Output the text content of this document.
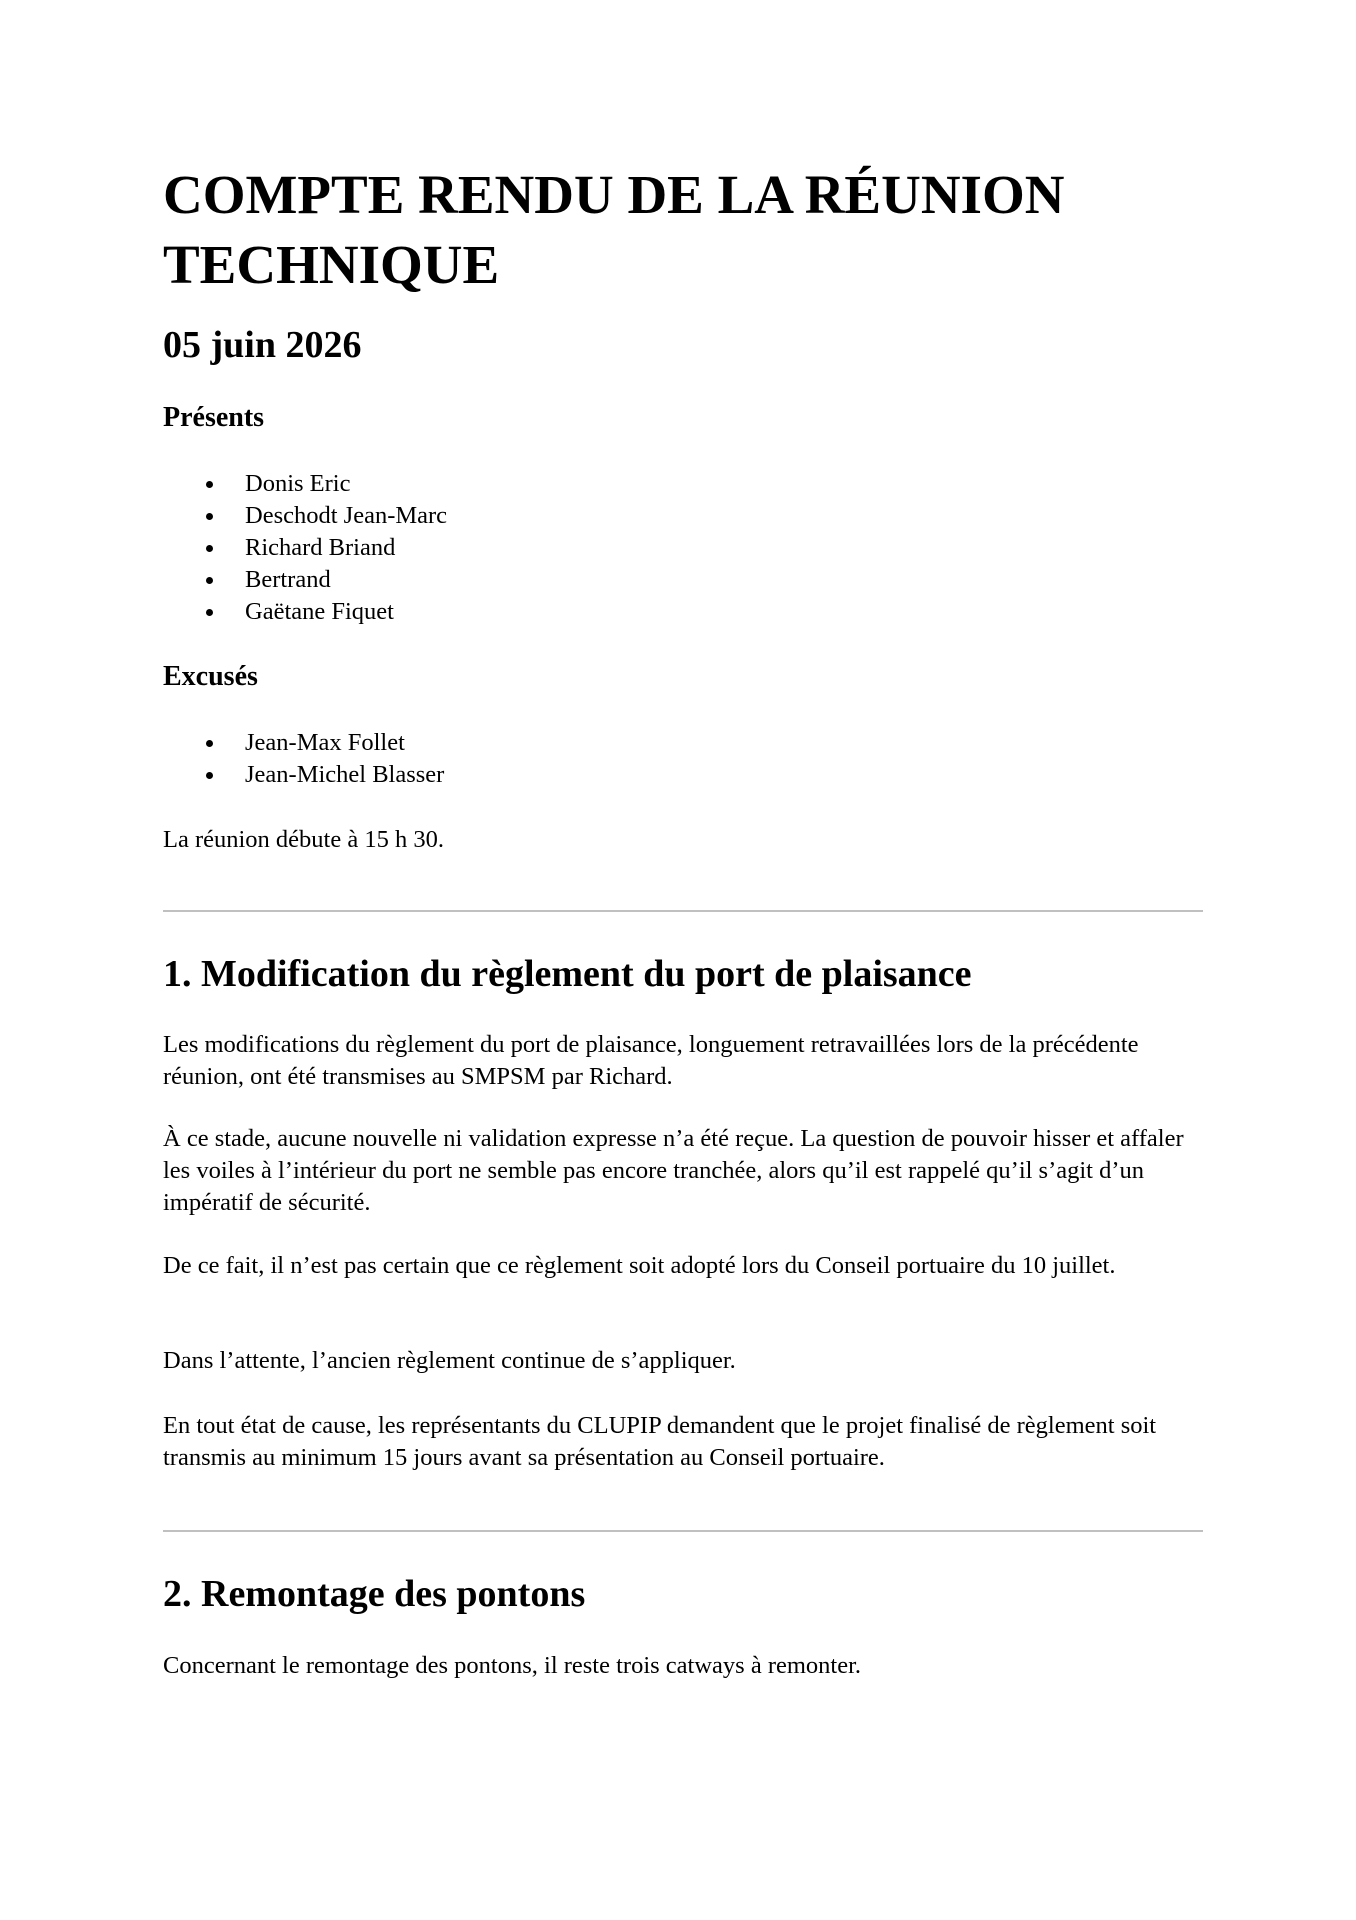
COMPTE RENDU DE LA RÉUNION TECHNIQUE
05 juin 2026
Présents
Donis Eric
Deschodt Jean-Marc
Richard Briand
Bertrand
Gaëtane Fiquet
Excusés
Jean-Max Follet
Jean-Michel Blasser

La réunion débute à 15 h 30.

1. Modification du règlement du port de plaisance

Les modifications du règlement du port de plaisance, longuement retravaillées lors de la précédente réunion, ont été transmises au SMPSM par Richard.

À ce stade, aucune nouvelle ni validation expresse n’a été reçue. La question de pouvoir hisser et affaler les voiles à l’intérieur du port ne semble pas encore tranchée, alors qu’il est rappelé qu’il s’agit d’un impératif de sécurité.

De ce fait, il n’est pas certain que ce règlement soit adopté lors du Conseil portuaire du 10 juillet.

Dans l’attente, l’ancien règlement continue de s’appliquer.

En tout état de cause, les représentants du CLUPIP demandent que le projet finalisé de règlement soit transmis au minimum 15 jours avant sa présentation au Conseil portuaire.

2. Remontage des pontons

Concernant le remontage des pontons, il reste trois catways à remonter.
